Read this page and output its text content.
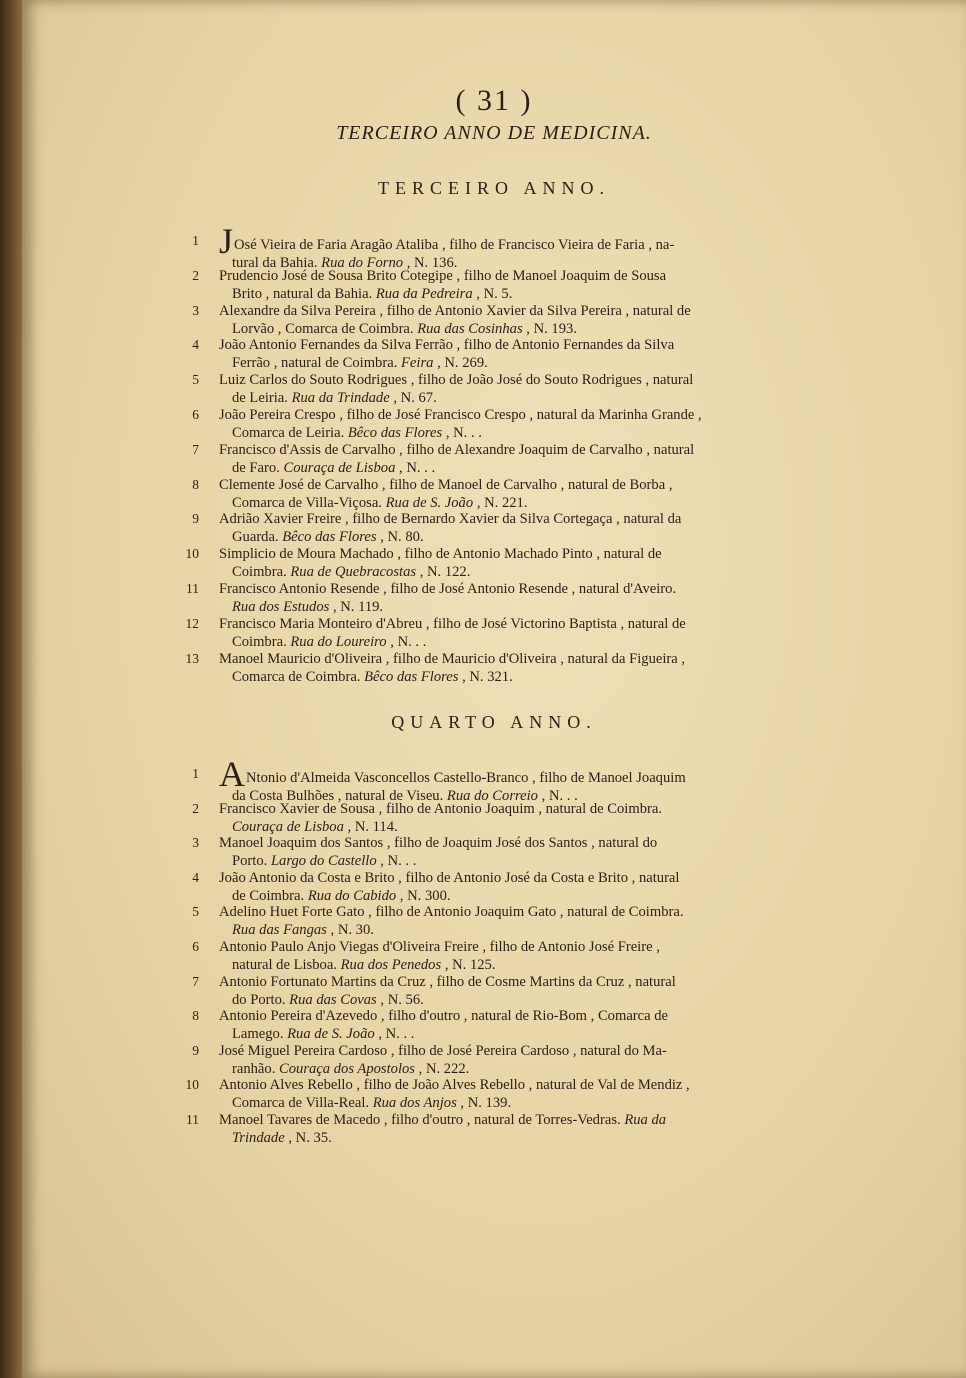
( 31 )
TERCEIRO ANNO DE MEDICINA.
TERCEIRO ANNO.
1 JOsé Vieira de Faria Aragão Ataliba , filho de Francisco Vieira de Faria , na-
tural da Bahia. Rua do Forno , N. 136.
2 Prudencio José de Sousa Brito Cotegipe , filho de Manoel Joaquim de Sousa
Brito , natural da Bahia. Rua da Pedreira , N. 5.
3 Alexandre da Silva Pereira , filho de Antonio Xavier da Silva Pereira , natural de
Lorvão , Comarca de Coimbra. Rua das Cosinhas , N. 193.
4 João Antonio Fernandes da Silva Ferrão , filho de Antonio Fernandes da Silva
Ferrão , natural de Coimbra. Feira , N. 269.
5 Luiz Carlos do Souto Rodrigues , filho de João José do Souto Rodrigues , natural
de Leiria. Rua da Trindade , N. 67.
6 João Pereira Crespo , filho de José Francisco Crespo , natural da Marinha Grande ,
Comarca de Leiria. Bêco das Flores , N. . .
7 Francisco d'Assis de Carvalho , filho de Alexandre Joaquim de Carvalho , natural
de Faro. Couraça de Lisboa , N. . .
8 Clemente José de Carvalho , filho de Manoel de Carvalho , natural de Borba ,
Comarca de Villa-Viçosa. Rua de S. João , N. 221.
9 Adrião Xavier Freire , filho de Bernardo Xavier da Silva Cortegaça , natural da
Guarda. Bêco das Flores , N. 80.
10 Simplicio de Moura Machado , filho de Antonio Machado Pinto , natural de
Coimbra. Rua de Quebracostas , N. 122.
11 Francisco Antonio Resende , filho de José Antonio Resende , natural d'Aveiro.
Rua dos Estudos , N. 119.
12 Francisco Maria Monteiro d'Abreu , filho de José Victorino Baptista , natural de
Coimbra. Rua do Loureiro , N. . .
13 Manoel Mauricio d'Oliveira , filho de Mauricio d'Oliveira , natural da Figueira ,
Comarca de Coimbra. Bêco das Flores , N. 321.
QUARTO ANNO.
1 ANtonio d'Almeida Vasconcellos Castello-Branco , filho de Manoel Joaquim
da Costa Bulhões , natural de Viseu. Rua do Correio , N. . .
2 Francisco Xavier de Sousa , filho de Antonio Joaquim , natural de Coimbra.
Couraça de Lisboa , N. 114.
3 Manoel Joaquim dos Santos , filho de Joaquim José dos Santos , natural do
Porto. Largo do Castello , N. . .
4 João Antonio da Costa e Brito , filho de Antonio José da Costa e Brito , natural
de Coimbra. Rua do Cabido , N. 300.
5 Adelino Huet Forte Gato , filho de Antonio Joaquim Gato , natural de Coimbra.
Rua das Fangas , N. 30.
6 Antonio Paulo Anjo Viegas d'Oliveira Freire , filho de Antonio José Freire ,
natural de Lisboa. Rua dos Penedos , N. 125.
7 Antonio Fortunato Martins da Cruz , filho de Cosme Martins da Cruz , natural
do Porto. Rua das Covas , N. 56.
8 Antonio Pereira d'Azevedo , filho d'outro , natural de Rio-Bom , Comarca de
Lamego. Rua de S. João , N. . .
9 José Miguel Pereira Cardoso , filho de José Pereira Cardoso , natural do Ma-
ranhão. Couraça dos Apostolos , N. 222.
10 Antonio Alves Rebello , filho de João Alves Rebello , natural de Val de Mendiz ,
Comarca de Villa-Real. Rua dos Anjos , N. 139.
11 Manoel Tavares de Macedo , filho d'outro , natural de Torres-Vedras. Rua da
Trindade , N. 35.
